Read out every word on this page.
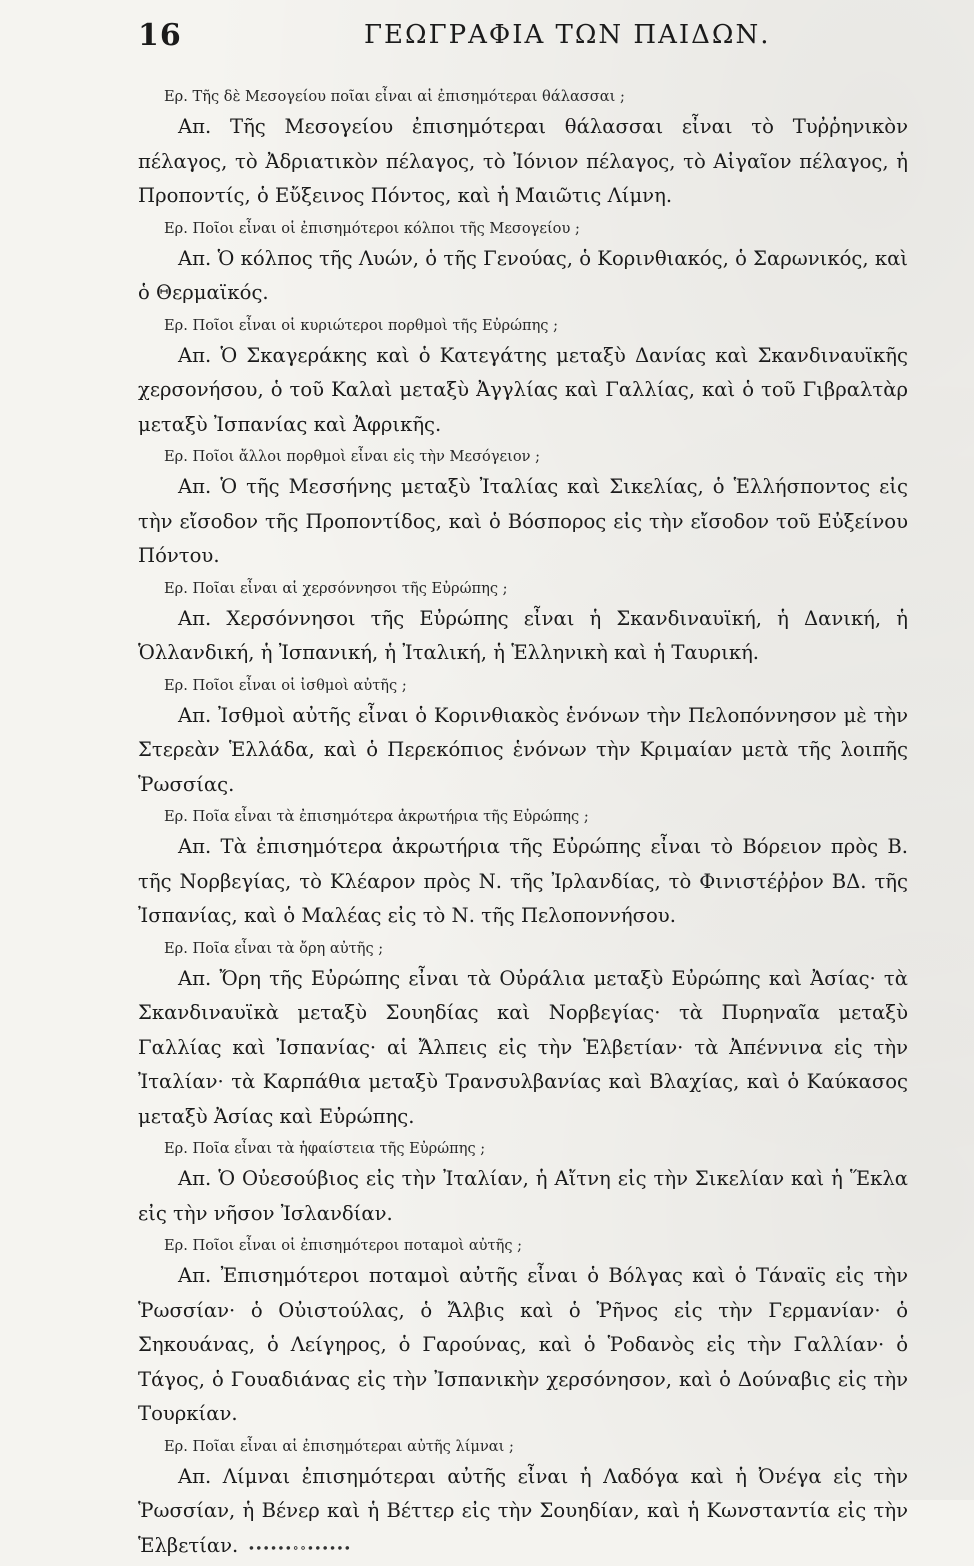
16	ΓΕΩΓΡΑΦΙΑ ΤΩΝ ΠΑΙΔΩΝ.

Ερ. Τῆς δὲ Μεσογείου ποῖαι εἶναι αἱ ἐπισημότεραι θάλασσαι ;

Απ. Τῆς Μεσογείου ἐπισημότεραι θάλασσαι εἶναι τὸ Τυῤῥηνικὸν πέλαγος, τὸ Ἀδριατικὸν πέλαγος, τὸ Ἰόνιον πέλαγος, τὸ Αἰγαῖον πέλαγος, ἡ Προποντίς, ὁ Εὔξεινος Πόντος, καὶ ἡ Μαιῶτις Λίμνη.

Ερ. Ποῖοι εἶναι οἱ ἐπισημότεροι κόλποι τῆς Μεσογείου ;

Απ. Ὁ κόλπος τῆς Λυών, ὁ τῆς Γενούας, ὁ Κορινθιακός, ὁ Σαρωνικός, καὶ ὁ Θερμαϊκός.

Ερ. Ποῖοι εἶναι οἱ κυριώτεροι πορθμοὶ τῆς Εὐρώπης ;

Απ. Ὁ Σκαγεράκης καὶ ὁ Κατεγάτης μεταξὺ Δανίας καὶ Σκανδιναυϊκῆς χερσονήσου, ὁ τοῦ Καλαὶ μεταξὺ Ἀγγλίας καὶ Γαλλίας, καὶ ὁ τοῦ Γιβραλτὰρ μεταξὺ Ἰσπανίας καὶ Ἀφρικῆς.

Ερ. Ποῖοι ἄλλοι πορθμοὶ εἶναι εἰς τὴν Μεσόγειον ;

Απ. Ὁ τῆς Μεσσήνης μεταξὺ Ἰταλίας καὶ Σικελίας, ὁ Ἑλλήσποντος εἰς τὴν εἴσοδον τῆς Προποντίδος, καὶ ὁ Βόσπορος εἰς τὴν εἴσοδον τοῦ Εὐξείνου Πόντου.

Ερ. Ποῖαι εἶναι αἱ χερσόννησοι τῆς Εὐρώπης ;

Απ. Χερσόννησοι τῆς Εὐρώπης εἶναι ἡ Σκανδιναυϊκή, ἡ Δανική, ἡ Ὁλλανδική, ἡ Ἰσπανική, ἡ Ἰταλική, ἡ Ἑλληνικὴ καὶ ἡ Ταυρική.

Ερ. Ποῖοι εἶναι οἱ ἰσθμοὶ αὐτῆς ;

Απ. Ἰσθμοὶ αὐτῆς εἶναι ὁ Κορινθιακὸς ἑνόνων τὴν Πελοπόννησον μὲ τὴν Στερεὰν Ἑλλάδα, καὶ ὁ Περεκόπιος ἑνόνων τὴν Κριμαίαν μετὰ τῆς λοιπῆς Ῥωσσίας.

Ερ. Ποῖα εἶναι τὰ ἐπισημότερα ἀκρωτήρια τῆς Εὐρώπης ;

Απ. Τὰ ἐπισημότερα ἀκρωτήρια τῆς Εὐρώπης εἶναι τὸ Βόρειον πρὸς Β. τῆς Νορβεγίας, τὸ Κλέαρον πρὸς Ν. τῆς Ἰρλανδίας, τὸ Φινιστέῤῥον ΒΔ. τῆς Ἰσπανίας, καὶ ὁ Μαλέας εἰς τὸ Ν. τῆς Πελοποννήσου.

Ερ. Ποῖα εἶναι τὰ ὄρη αὐτῆς ;

Απ. Ὄρη τῆς Εὐρώπης εἶναι τὰ Οὐράλια μεταξὺ Εὐρώπης καὶ Ἀσίας· τὰ Σκανδιναυϊκὰ μεταξὺ Σουηδίας καὶ Νορβεγίας· τὰ Πυρηναῖα μεταξὺ Γαλλίας καὶ Ἰσπανίας· αἱ Ἄλπεις εἰς τὴν Ἑλβετίαν· τὰ Ἀπέννινα εἰς τὴν Ἰταλίαν· τὰ Καρπάθια μεταξὺ Τρανσυλβανίας καὶ Βλαχίας, καὶ ὁ Καύκασος μεταξὺ Ἀσίας καὶ Εὐρώπης.

Ερ. Ποῖα εἶναι τὰ ἡφαίστεια τῆς Εὐρώπης ;

Απ. Ὁ Οὐεσούβιος εἰς τὴν Ἰταλίαν, ἡ Αἴτνη εἰς τὴν Σικελίαν καὶ ἡ Ἕκλα εἰς τὴν νῆσον Ἰσλανδίαν.

Ερ. Ποῖοι εἶναι οἱ ἐπισημότεροι ποταμοὶ αὐτῆς ;

Απ. Ἐπισημότεροι ποταμοὶ αὐτῆς εἶναι ὁ Βόλγας καὶ ὁ Τάναϊς εἰς τὴν Ῥωσσίαν· ὁ Οὐιστούλας, ὁ Ἄλβις καὶ ὁ Ῥῆνος εἰς τὴν Γερμανίαν· ὁ Σηκουάνας, ὁ Λείγηρος, ὁ Γαρούνας, καὶ ὁ Ῥοδανὸς εἰς τὴν Γαλλίαν· ὁ Τάγος, ὁ Γουαδιάνας εἰς τὴν Ἰσπανικὴν χερσόνησον, καὶ ὁ Δούναβις εἰς τὴν Τουρκίαν.

Ερ. Ποῖαι εἶναι αἱ ἐπισημότεραι αὐτῆς λίμναι ;

Απ. Λίμναι ἐπισημότεραι αὐτῆς εἶναι ἡ Λαδόγα καὶ ἡ Ὀνέγα εἰς τὴν Ῥωσσίαν, ἡ Βένερ καὶ ἡ Βέττερ εἰς τὴν Σουηδίαν, καὶ ἡ Κωνσταντία εἰς τὴν Ἑλβετίαν. ∙∙∙∙∙∙∘∘∙∙∙∙∙∙
